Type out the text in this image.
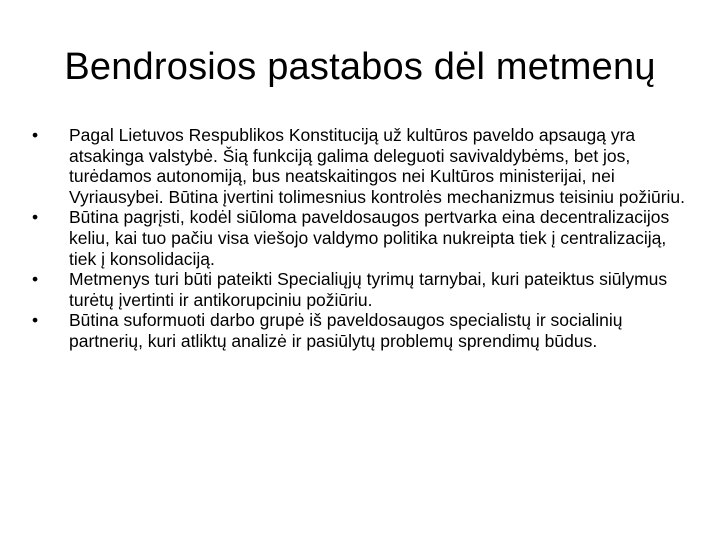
Bendrosios pastabos dėl metmenų
•	Pagal Lietuvos Respublikos Konstituciją už kultūros paveldo apsaugą yra atsakinga valstybė. Šią funkciją galima deleguoti savivaldybėms, bet jos, turėdamos autonomiją, bus neatskaitingos nei Kultūros ministerijai, nei Vyriausybei. Būtina įvertini tolimesnius kontrolės mechanizmus teisiniu požiūriu.
•	Būtina pagrįsti, kodėl siūloma paveldosaugos pertvarka eina decentralizacijos keliu, kai tuo pačiu visa viešojo valdymo politika nukreipta tiek į centralizaciją, tiek į konsolidaciją.
•	Metmenys turi būti pateikti Specialiųjų tyrimų tarnybai, kuri pateiktus siūlymus turėtų įvertinti ir antikorupciniu požiūriu.
•	Būtina suformuoti darbo grupė iš paveldosaugos specialistų ir socialinių partnerių, kuri atliktų analizė ir pasiūlytų problemų sprendimų būdus.
